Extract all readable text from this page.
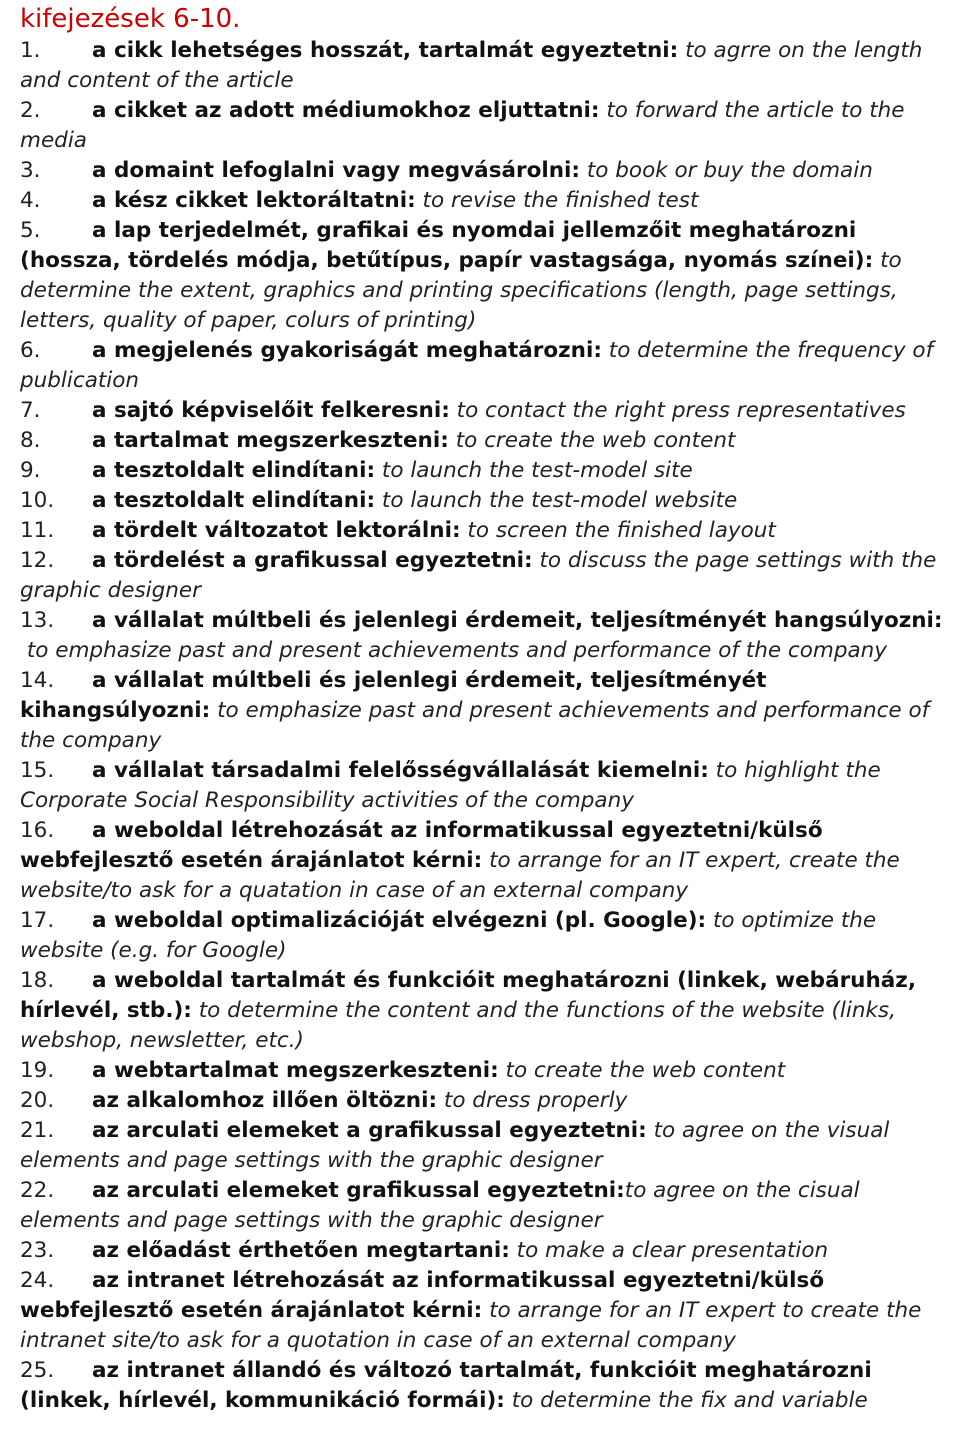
kifejezések 6-10.
1. a cikk lehetséges hosszát, tartalmát egyeztetni: to agrre on the length and content of the article
2. a cikket az adott médiumokhoz eljuttatni: to forward the article to the media
3. a domaint lefoglalni vagy megvásárolni: to book or buy the domain
4. a kész cikket lektoráltatni: to revise the finished test
5. a lap terjedelmét, grafikai és nyomdai jellemzőit meghatározni (hossza, tördelés módja, betűtípus, papír vastagsága, nyomás színei): to determine the extent, graphics and printing specifications (length, page settings, letters, quality of paper, colurs of printing)
6. a megjelenés gyakoriságát meghatározni: to determine the frequency of publication
7. a sajtó képviselőit felkeresni: to contact the right press representatives
8. a tartalmat megszerkeszteni: to create the web content
9. a tesztoldalt elindítani: to launch the test-model site
10. a tesztoldalt elindítani: to launch the test-model website
11. a tördelt változatot lektorálni: to screen the finished layout
12. a tördelést a grafikussal egyeztetni: to discuss the page settings with the graphic designer
13. a vállalat múltbeli és jelenlegi érdemeit, teljesítményét hangsúlyozni: to emphasize past and present achievements and performance of the company
14. a vállalat múltbeli és jelenlegi érdemeit, teljesítményét kihangsúlyozni: to emphasize past and present achievements and performance of the company
15. a vállalat társadalmi felelősségvállalását kiemelni: to highlight the Corporate Social Responsibility activities of the company
16. a weboldal létrehozását az informatikussal egyeztetni/külső webfejlesztő esetén árajánlatot kérni: to arrange for an IT expert, create the website/to ask for a quatation in case of an external company
17. a weboldal optimalizációját elvégezni (pl. Google): to optimize the website (e.g. for Google)
18. a weboldal tartalmát és funkcióit meghatározni (linkek, webáruház, hírlevél, stb.): to determine the content and the functions of the website (links, webshop, newsletter, etc.)
19. a webtartalmat megszerkeszteni: to create the web content
20. az alkalomhoz illően öltözni: to dress properly
21. az arculati elemeket a grafikussal egyeztetni: to agree on the visual elements and page settings with the graphic designer
22. az arculati elemeket grafikussal egyeztetni:to agree on the cisual elements and page settings with the graphic designer
23. az előadást érthetően megtartani: to make a clear presentation
24. az intranet létrehozását az informatikussal egyeztetni/külső webfejlesztő esetén árajánlatot kérni: to arrange for an IT expert to create the intranet site/to ask for a quotation in case of an external company
25. az intranet állandó és változó tartalmát, funkcióit meghatározni (linkek, hírlevél, kommunikáció formái): to determine the fix and variable
